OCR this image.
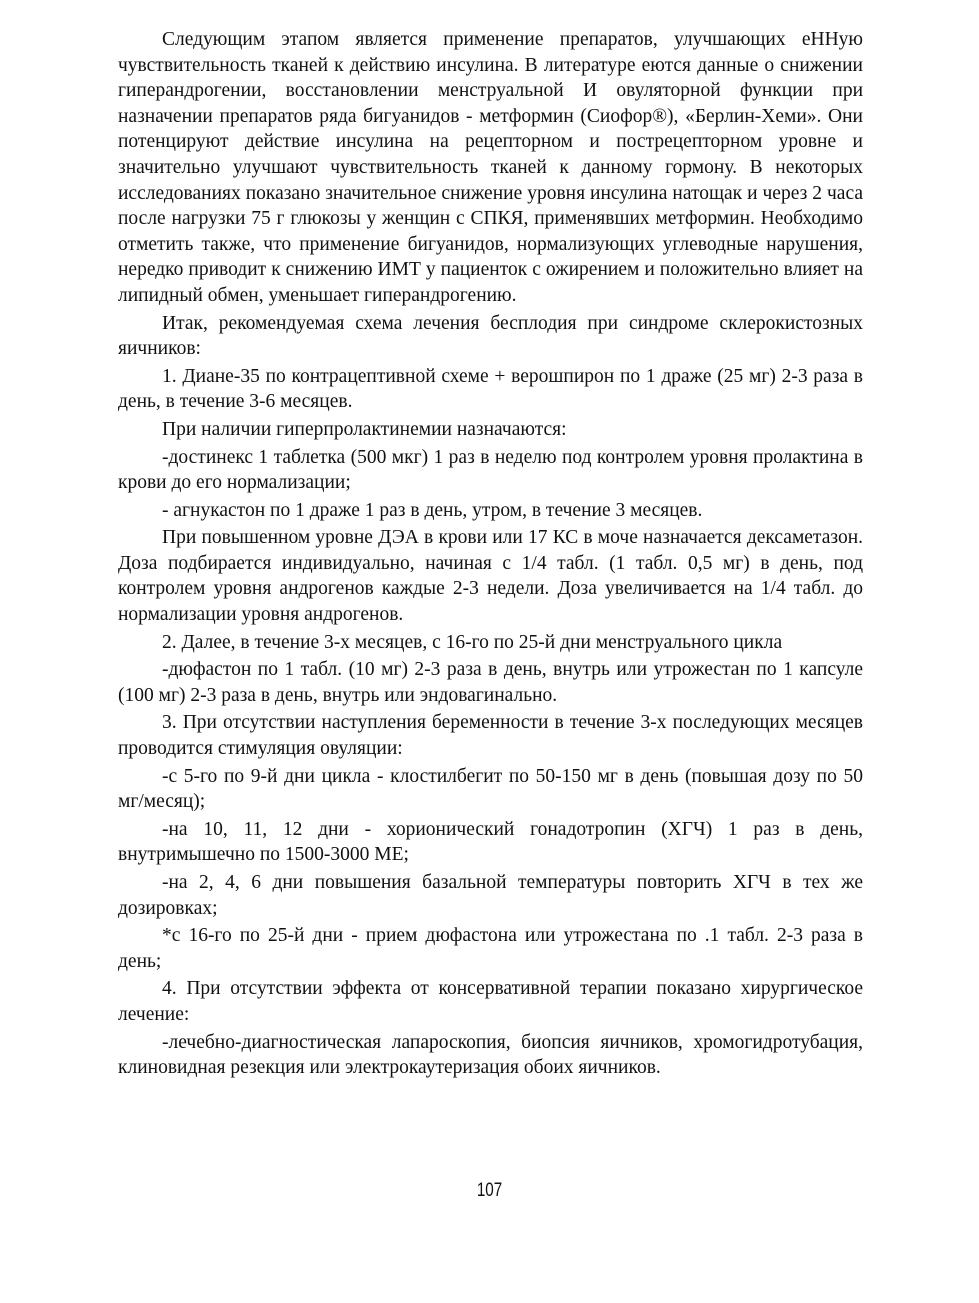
Следующим этапом является применение препаратов, улучшающих еННую чувствительность тканей к действию инсулина. В литературе еются данные о снижении гиперандрогении, восстановлении менструальной И овуляторной функции при назначении препаратов ряда бигуанидов - метформин (Сиофор®), «Берлин-Хеми». Они потенцируют действие инсулина на рецепторном и пострецепторном уровне и значительно улучшают чувствительность тканей к данному гормону. В некоторых исследованиях показано значительное снижение уровня инсулина натощак и через 2 часа после нагрузки 75 г глюкозы у женщин с СПКЯ, применявших метформин. Необходимо отметить также, что применение бигуанидов, нормализующих углеводные нарушения, нередко приводит к снижению ИМТ у пациенток с ожирением и положительно влияет на липидный обмен, уменьшает гиперандрогению.

Итак, рекомендуемая схема лечения бесплодия при синдроме склерокистозных яичников:

1. Диане-35 по контрацептивной схеме + верошпирон по 1 драже (25 мг) 2-3 раза в день, в течение 3-6 месяцев.

При наличии гиперпролактинемии назначаются:

-достинекс 1 таблетка (500 мкг) 1 раз в неделю под контролем уровня пролактина в крови до его нормализации;

- агнукастон по 1 драже 1 раз в день, утром, в течение 3 месяцев.

При повышенном уровне ДЭА в крови или 17 КС в моче назначается дексаметазон. Доза подбирается индивидуально, начиная с 1/4 табл. (1 табл. 0,5 мг) в день, под контролем уровня андрогенов каждые 2-3 недели. Доза увеличивается на 1/4 табл. до нормализации уровня андрогенов.

2. Далее, в течение 3-х месяцев, с 16-го по 25-й дни менструального цикла

-дюфастон по 1 табл. (10 мг) 2-3 раза в день, внутрь или утрожестан по 1 капсуле (100 мг) 2-3 раза в день, внутрь или эндовагинально.

3. При отсутствии наступления беременности в течение 3-х последующих месяцев проводится стимуляция овуляции:

-с 5-го по 9-й дни цикла - клостилбегит по 50-150 мг в день (повышая дозу по 50 мг/месяц);

-на 10, 11, 12 дни - хорионический гонадотропин (ХГЧ) 1 раз в день, внутримышечно по 1500-3000 МЕ;

-на 2, 4, 6 дни повышения базальной температуры повторить ХГЧ в тех же дозировках;

*с 16-го по 25-й дни - прием дюфастона или утрожестана по .1 табл. 2-3 раза в день;

4. При отсутствии эффекта от консервативной терапии показано хирургическое лечение:

-лечебно-диагностическая лапароскопия, биопсия яичников, хромогидротубация, клиновидная резекция или электрокаутеризация обоих яичников.

107
